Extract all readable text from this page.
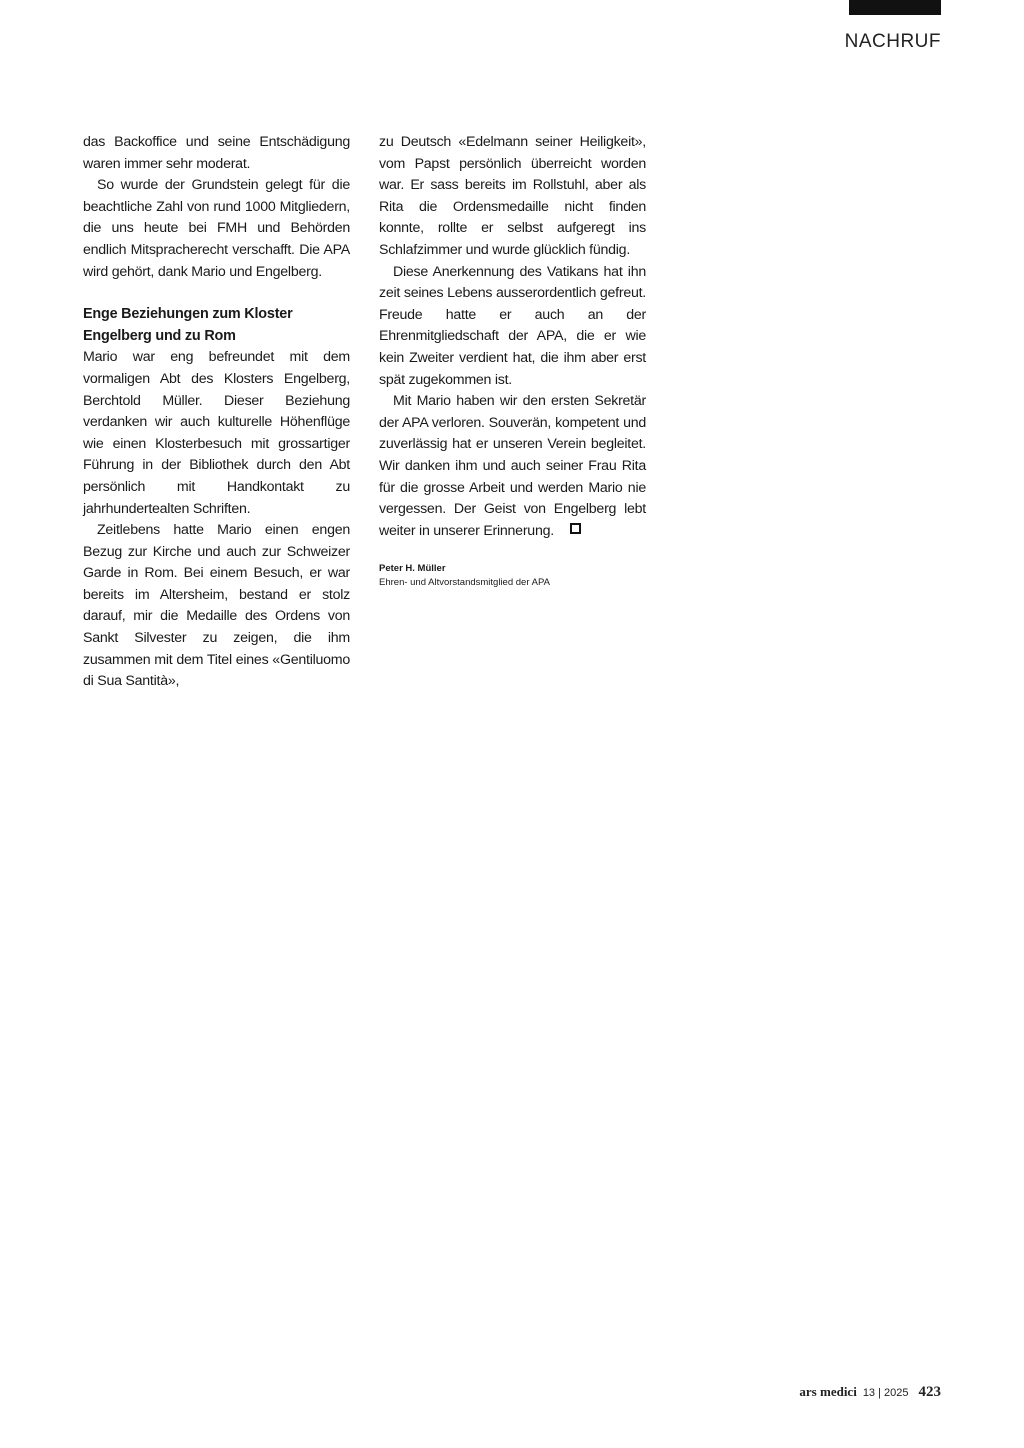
NACHRUF

das Backoffice und seine Entschädigung waren immer sehr moderat.

So wurde der Grundstein gelegt für die beachtliche Zahl von rund 1000 Mitgliedern, die uns heute bei FMH und Behörden endlich Mitspracherecht verschafft. Die APA wird gehört, dank Mario und Engelberg.

Enge Beziehungen zum Kloster Engelberg und zu Rom

Mario war eng befreundet mit dem vormaligen Abt des Klosters Engelberg, Berchtold Müller. Dieser Beziehung verdanken wir auch kulturelle Höhenflüge wie einen Klosterbesuch mit grossartiger Führung in der Bibliothek durch den Abt persönlich mit Handkontakt zu jahrhundertealten Schriften.

Zeitlebens hatte Mario einen engen Bezug zur Kirche und auch zur Schweizer Garde in Rom. Bei einem Besuch, er war bereits im Altersheim, bestand er stolz darauf, mir die Medaille des Ordens von Sankt Silvester zu zeigen, die ihm zusammen mit dem Titel eines «Gentiluomo di Sua Santità»,

zu Deutsch «Edelmann seiner Heiligkeit», vom Papst persönlich überreicht worden war. Er sass bereits im Rollstuhl, aber als Rita die Ordensmedaille nicht finden konnte, rollte er selbst aufgeregt ins Schlafzimmer und wurde glücklich fündig.

Diese Anerkennung des Vatikans hat ihn zeit seines Lebens ausserordentlich gefreut. Freude hatte er auch an der Ehrenmitgliedschaft der APA, die er wie kein Zweiter verdient hat, die ihm aber erst spät zugekommen ist.

Mit Mario haben wir den ersten Sekretär der APA verloren. Souverän, kompetent und zuverlässig hat er unseren Verein begleitet. Wir danken ihm und auch seiner Frau Rita für die grosse Arbeit und werden Mario nie vergessen. Der Geist von Engelberg lebt weiter in unserer Erinnerung.

Peter H. Müller
Ehren- und Altvorstandsmitglied der APA
ars medici 13 | 2025 423
